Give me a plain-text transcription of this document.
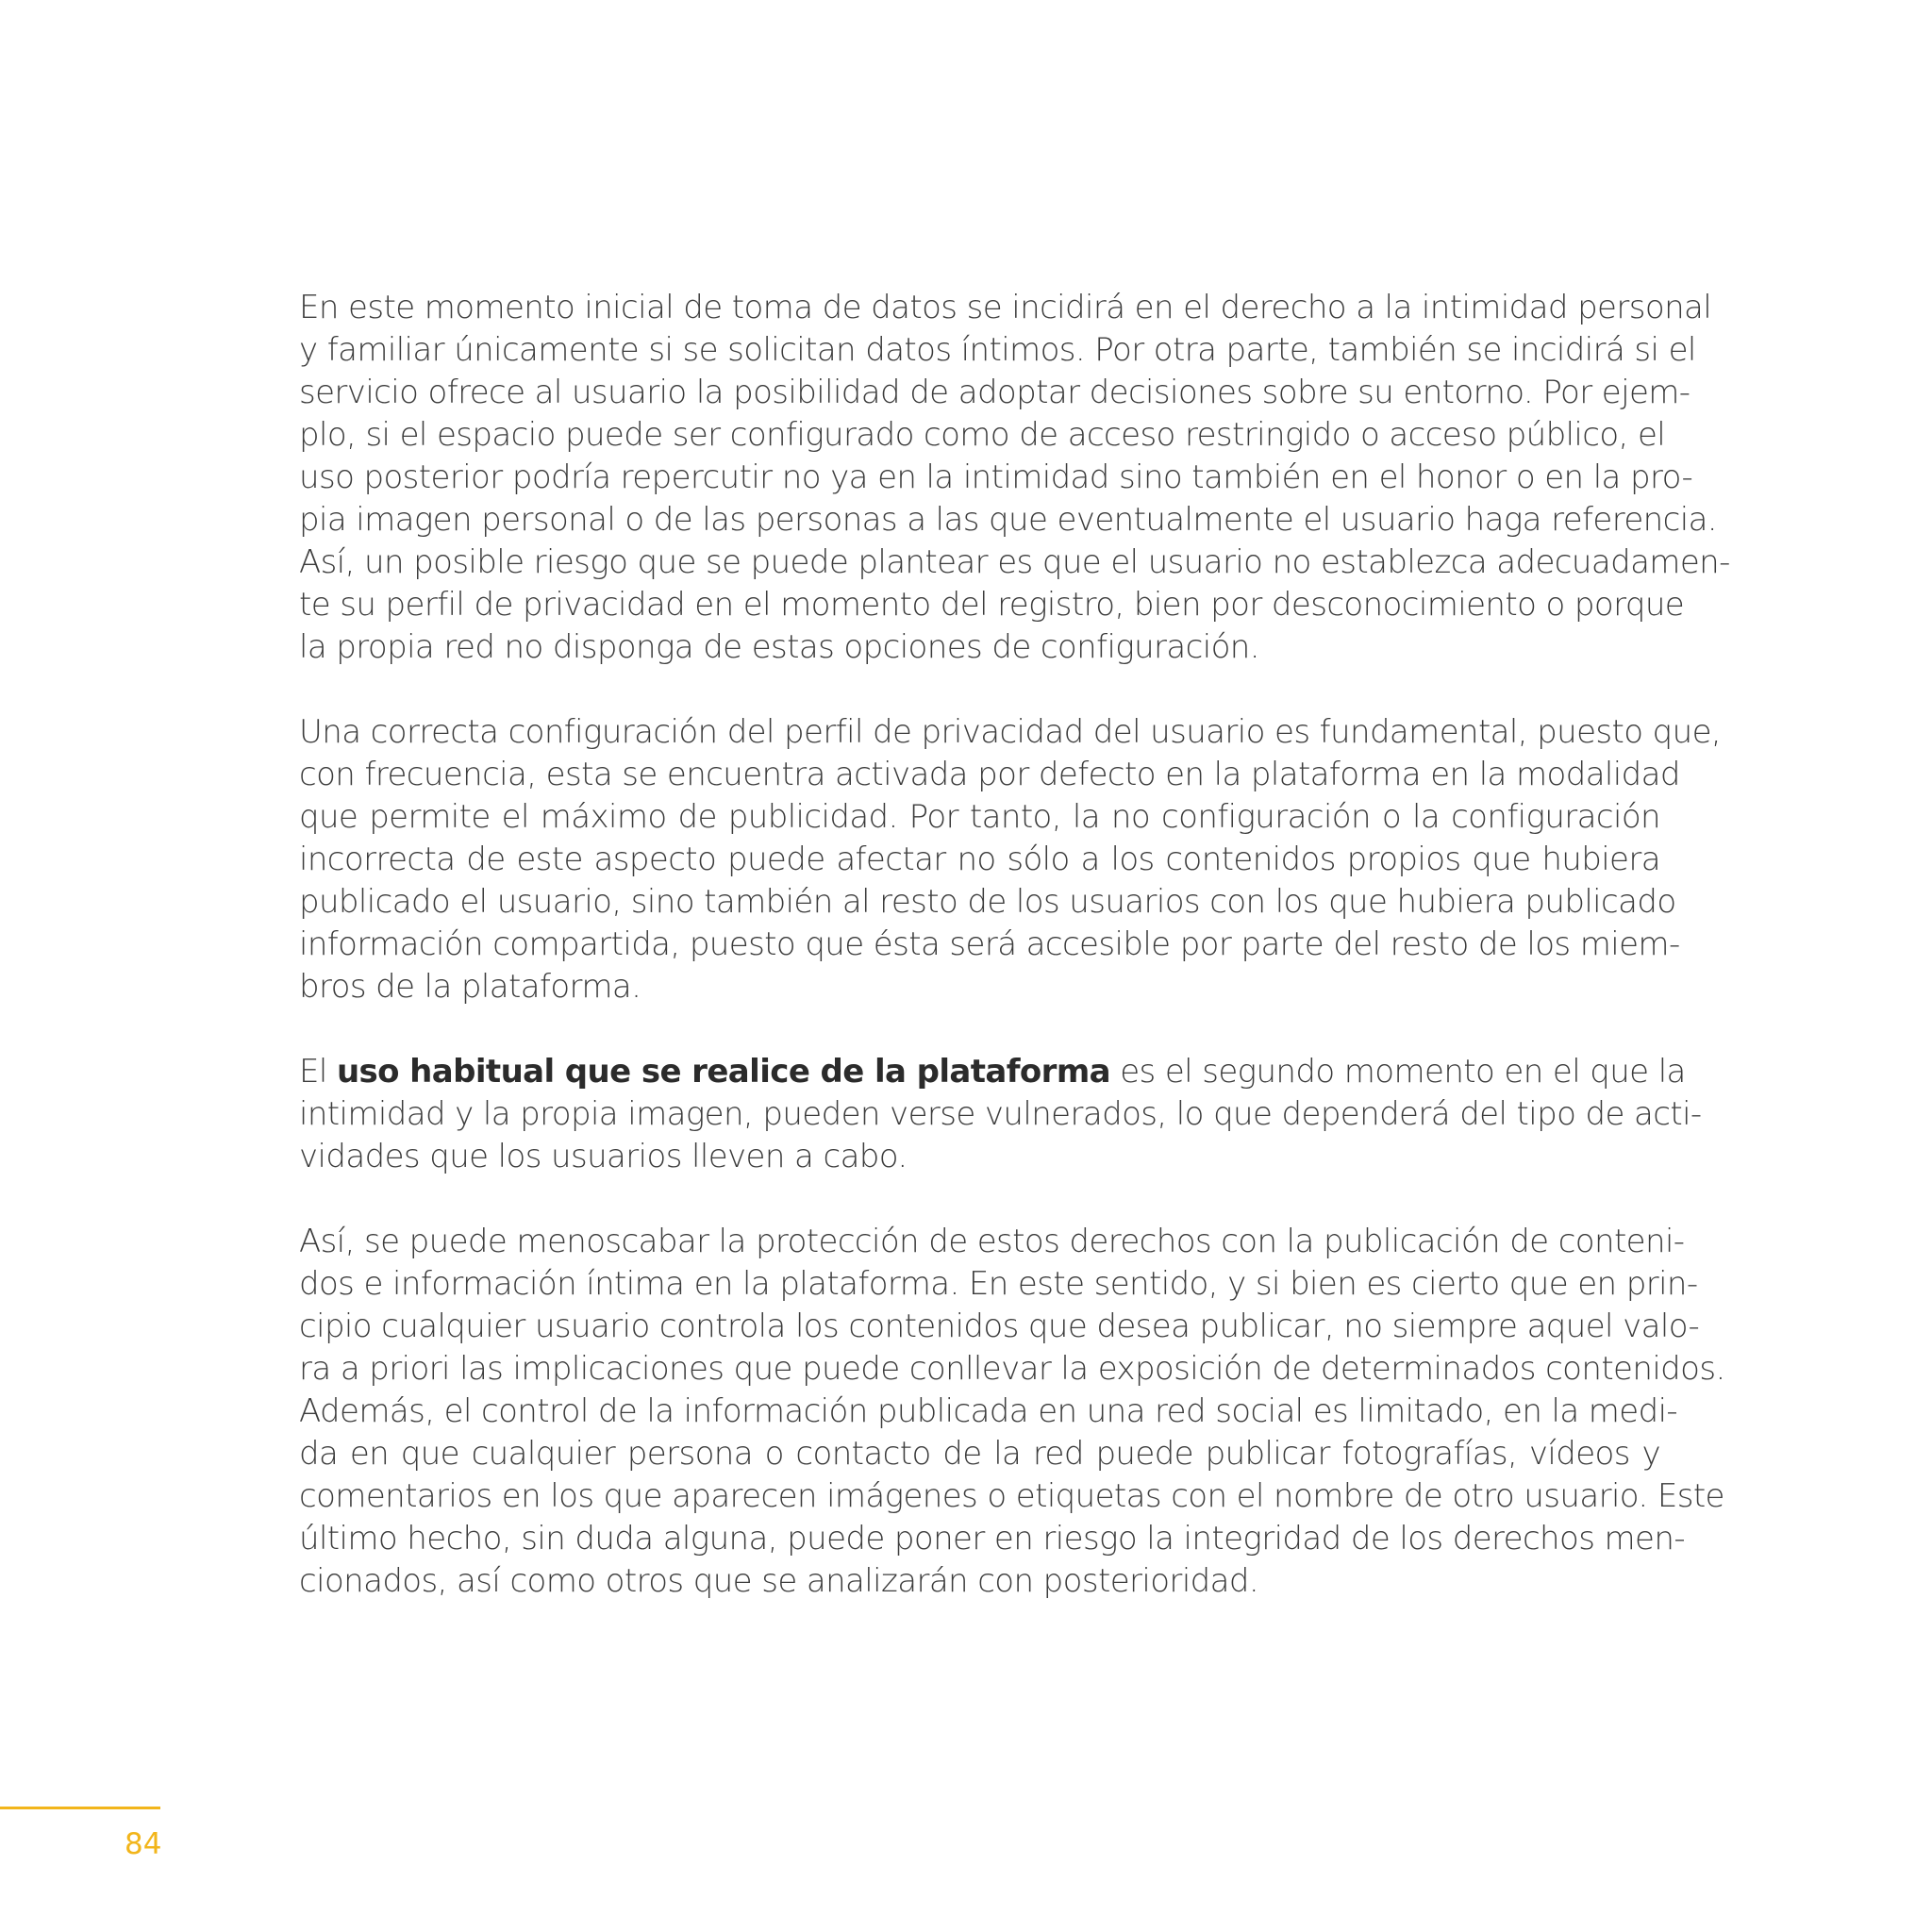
En este momento inicial de toma de datos se incidirá en el derecho a la intimidad personal
y familiar únicamente si se solicitan datos íntimos. Por otra parte, también se incidirá si el
servicio ofrece al usuario la posibilidad de adoptar decisiones sobre su entorno. Por ejem-
plo, si el espacio puede ser configurado como de acceso restringido o acceso público, el
uso posterior podría repercutir no ya en la intimidad sino también en el honor o en la pro-
pia imagen personal o de las personas a las que eventualmente el usuario haga referencia.
Así, un posible riesgo que se puede plantear es que el usuario no establezca adecuadamen-
te su perfil de privacidad en el momento del registro, bien por desconocimiento o porque
la propia red no disponga de estas opciones de configuración.
Una correcta configuración del perfil de privacidad del usuario es fundamental, puesto que,
con frecuencia, esta se encuentra activada por defecto en la plataforma en la modalidad
que permite el máximo de publicidad. Por tanto, la no configuración o la configuración
incorrecta de este aspecto puede afectar no sólo a los contenidos propios que hubiera
publicado el usuario, sino también al resto de los usuarios con los que hubiera publicado
información compartida, puesto que ésta será accesible por parte del resto de los miem-
bros de la plataforma.
El uso habitual que se realice de la plataforma es el segundo momento en el que la
intimidad y la propia imagen, pueden verse vulnerados, lo que dependerá del tipo de acti-
vidades que los usuarios lleven a cabo.
Así, se puede menoscabar la protección de estos derechos con la publicación de conteni-
dos e información íntima en la plataforma. En este sentido, y si bien es cierto que en prin-
cipio cualquier usuario controla los contenidos que desea publicar, no siempre aquel valo-
ra a priori las implicaciones que puede conllevar la exposición de determinados contenidos.
Además, el control de la información publicada en una red social es limitado, en la medi-
da en que cualquier persona o contacto de la red puede publicar fotografías, vídeos y
comentarios en los que aparecen imágenes o etiquetas con el nombre de otro usuario. Este
último hecho, sin duda alguna, puede poner en riesgo la integridad de los derechos men-
cionados, así como otros que se analizarán con posterioridad.
84
